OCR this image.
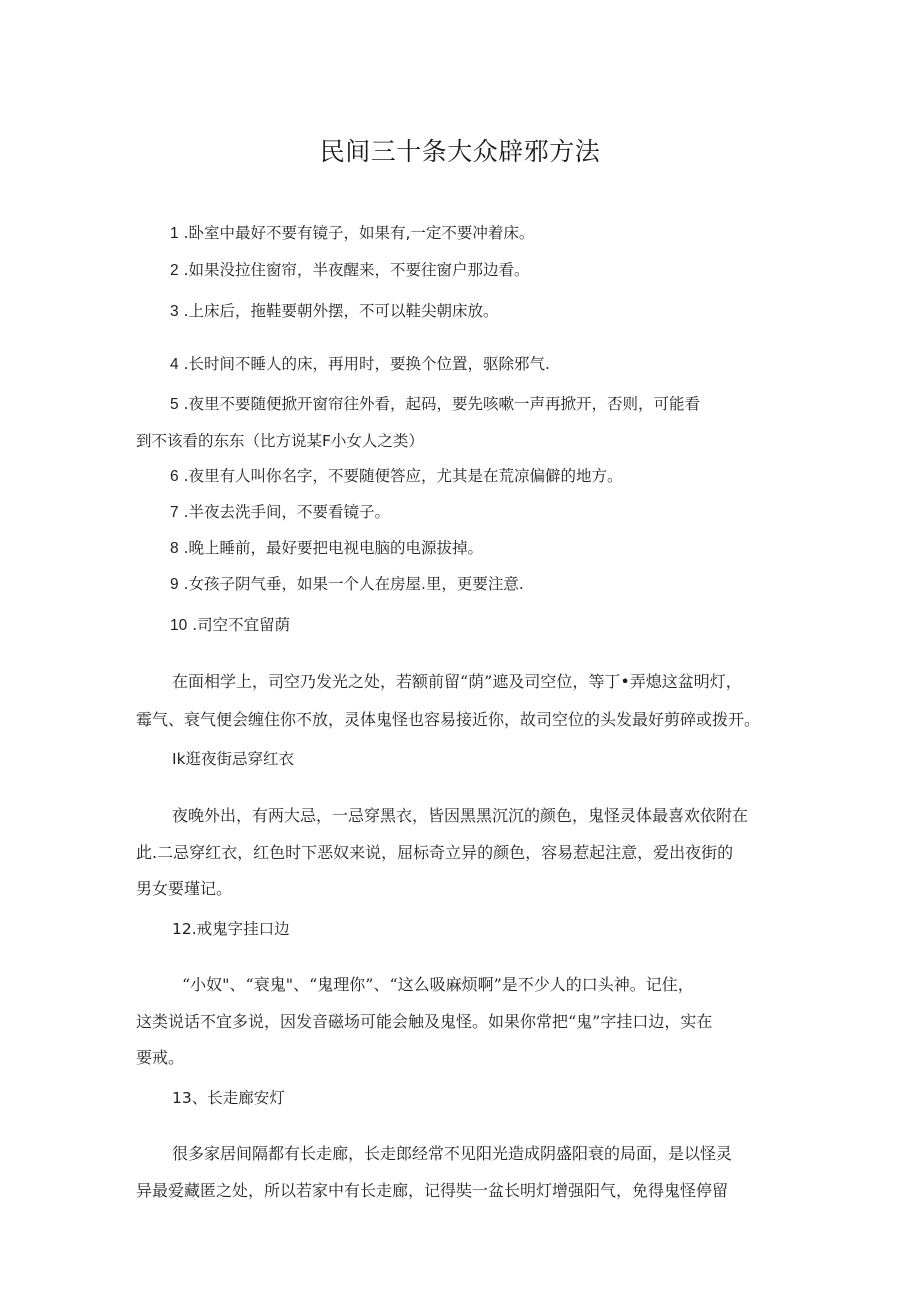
民间三十条大众辟邪方法
1 .卧室中最好不要有镜子，如果有,一定不要冲着床。
2 .如果没拉住窗帘，半夜醒来，不要往窗户那边看。
3 .上床后，拖鞋要朝外摆，不可以鞋尖朝床放。
4 .长时间不睡人的床，再用时，要换个位置，驱除邪气.
5 .夜里不要随便掀开窗帘往外看，起码，要先咳嗽一声再掀开，否则，可能看
到不该看的东东（比方说某F小女人之类）
6 .夜里有人叫你名字，不要随便答应，尤其是在荒凉偏僻的地方。
7 .半夜去洗手间，不要看镜子。
8 .晚上睡前，最好要把电视电脑的电源拔掉。
9 .女孩子阴气垂，如果一个人在房屋.里，更要注意.
10 .司空不宜留荫
在面相学上，司空乃发光之处，若额前留“荫”遮及司空位，等丁•弄熄这盆明灯，
霉气、衰气便会缠住你不放，灵体鬼怪也容易接近你，故司空位的头发最好剪碎或拨开。
Ik逛夜街忌穿红衣
夜晚外出，有两大忌，一忌穿黑衣，皆因黑黑沉沉的颜色，鬼怪灵体最喜欢依附在
此.二忌穿红衣，红色时下恶奴来说，屈标奇立异的颜色，容易惹起注意，爱出夜街的
男女要瑾记。
12.戒鬼字挂口边
“小奴"、“衰鬼"、“鬼理你”、“这么吸麻烦啊”是不少人的口头神。记住，
这类说话不宜多说，因发音磁场可能会触及鬼怪。如果你常把“鬼”字挂口边，实在
要戒。
13、长走廊安灯
很多家居间隔都有长走廊，长走郎经常不见阳光造成阴盛阳衰的局面，是以怪灵
异最爱藏匿之处，所以若家中有长走廊，记得奘一盆长明灯增强阳气，免得鬼怪停留
